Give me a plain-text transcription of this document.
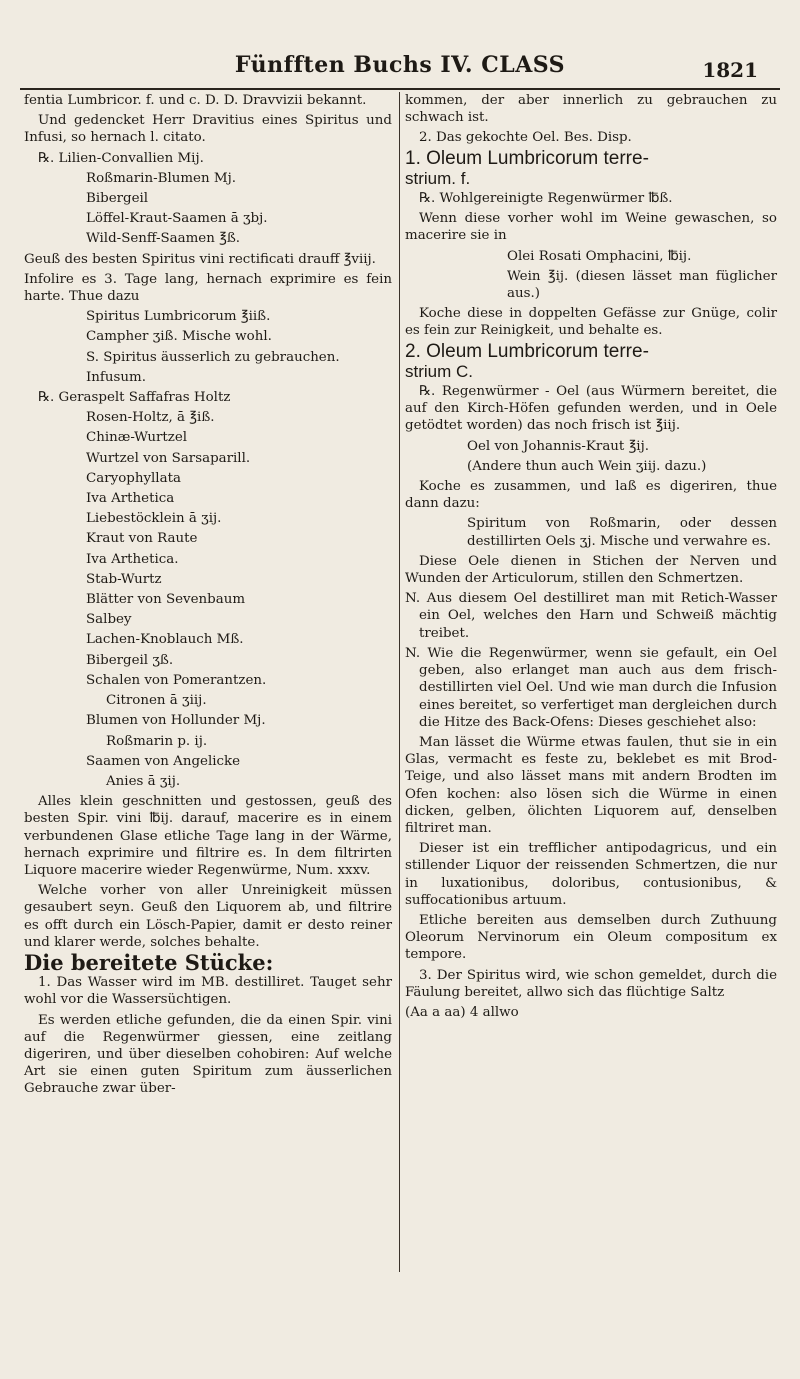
Fünfften Buchs IV. CLASS	1821

fentia Lumbricor. f. und c. D. D. Dravvizii bekannt.

Und gedencket Herr Dravitius eines Spiritus und Infusi, so hernach l. citato.

℞. Lilien-Convallien Mij.

Roßmarin-Blumen Mj.

Bibergeil

Löffel-Kraut-Saamen ā ʒbj.

Wild-Senff-Saamen ℥ß.

Geuß des besten Spiritus vini rectificati drauff ℥viij.

Infolire es 3. Tage lang, hernach exprimire es fein harte. Thue dazu

Spiritus Lumbricorum ℥iiß.

Campher ʒiß. Mische wohl.

S. Spiritus äusserlich zu gebrauchen.

Infusum.

℞. Geraspelt Saffafras Holtz

Rosen-Holtz, ā ℥iß.

Chinæ-Wurtzel

Wurtzel von Sarsaparill.

Caryophyllata

Iva Arthetica

Liebestöcklein ā ʒij.

Kraut von Raute

Iva Arthetica.

Stab-Wurtz

Blätter von Sevenbaum

Salbey

Lachen-Knoblauch Mß.

Bibergeil ʒß.

Schalen von Pomerantzen.

Citronen ā ʒiij.

Blumen von Hollunder Mj.

Roßmarin p. ij.

Saamen von Angelicke

Anies ā ʒij.

Alles klein geschnitten und gestossen, geuß des besten Spir. vini ℔ij. darauf, macerire es in einem verbundenen Glase etliche Tage lang in der Wärme, hernach exprimire und filtrire es. In dem filtrirten Liquore macerire wieder Regenwürme, Num. xxxv.

Welche vorher von aller Unreinigkeit müssen gesaubert seyn. Geuß den Liquorem ab, und filtrire es offt durch ein Lösch-Papier, damit er desto reiner und klarer werde, solches behalte.

Die bereitete Stücke:

1. Das Wasser wird im MB. destilliret. Tauget sehr wohl vor die Wassersüchtigen.

Es werden etliche gefunden, die da einen Spir. vini auf die Regenwürmer giessen, eine zeitlang digeriren, und über dieselben cohobiren: Auf welche Art sie einen guten Spiritum zum äusserlichen Gebrauche zwar über-

kommen, der aber innerlich zu gebrauchen zu schwach ist.

2. Das gekochte Oel. Bes. Disp.

1. Oleum Lumbricorum terre-

strium. f.

℞. Wohlgereinigte Regenwürmer ℔ß.

Wenn diese vorher wohl im Weine gewaschen, so macerire sie in

Olei Rosati Omphacini, ℔ij.

Wein ℥ij. (diesen lässet man füglicher aus.)

Koche diese in doppelten Gefässe zur Gnüge, colir es fein zur Reinigkeit, und behalte es.

2. Oleum Lumbricorum terre-

strium C.

℞. Regenwürmer - Oel (aus Würmern bereitet, die auf den Kirch-Höfen gefunden werden, und in Oele getödtet worden) das noch frisch ist ℥iij.

Oel von Johannis-Kraut ℥ij.

(Andere thun auch Wein ʒiij. dazu.)

Koche es zusammen, und laß es digeriren, thue dann dazu:

Spiritum von Roßmarin, oder dessen destillirten Oels ʒj. Mische und verwahre es.

Diese Oele dienen in Stichen der Nerven und Wunden der Articulorum, stillen den Schmertzen.

N. Aus diesem Oel destilliret man mit Retich-Wasser ein Oel, welches den Harn und Schweiß mächtig treibet.

N. Wie die Regenwürmer, wenn sie gefault, ein Oel geben, also erlanget man auch aus dem frisch-destillirten viel Oel. Und wie man durch die Infusion eines bereitet, so verfertiget man dergleichen durch die Hitze des Back-Ofens: Dieses geschiehet also:

Man lässet die Würme etwas faulen, thut sie in ein Glas, vermacht es feste zu, beklebet es mit Brod-Teige, und also lässet mans mit andern Brodten im Ofen kochen: also lösen sich die Würme in einen dicken, gelben, ölichten Liquorem auf, denselben filtriret man.

Dieser ist ein trefflicher antipodagricus, und ein stillender Liquor der reissenden Schmertzen, die nur in luxationibus, doloribus, contusionibus, & suffocationibus artuum.

Etliche bereiten aus demselben durch Zuthuung Oleorum Nervinorum ein Oleum compositum ex tempore.

3. Der Spiritus wird, wie schon gemeldet, durch die Fäulung bereitet, allwo sich das flüchtige Saltz

(Aa a aa) 4 allwo
